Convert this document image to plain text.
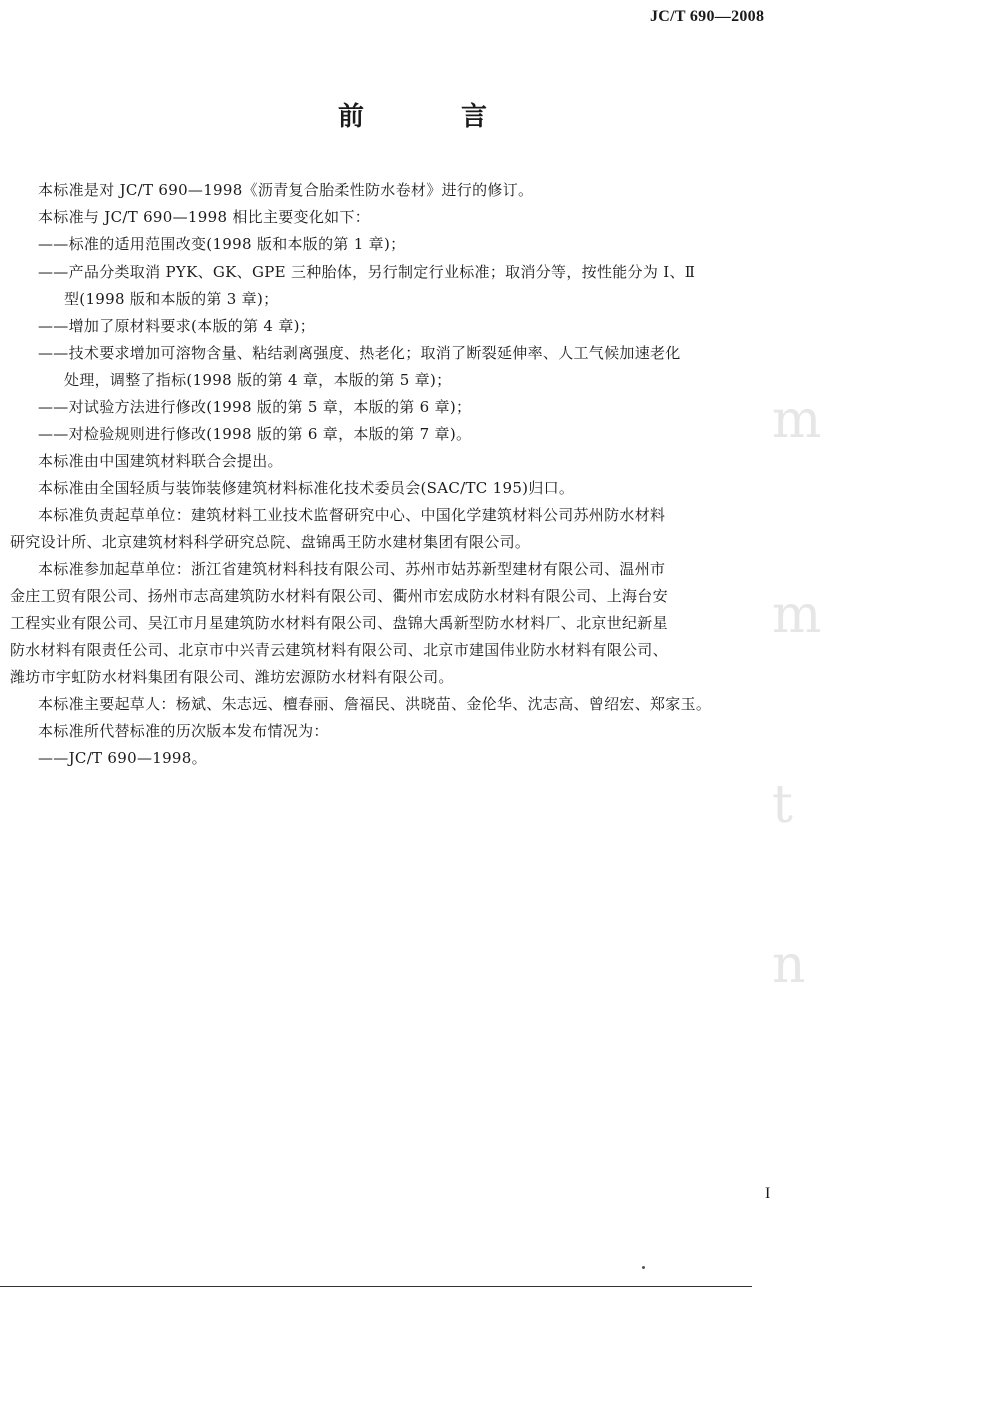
JC/T 690—2008
前 言
本标准是对 JC/T 690—1998《沥青复合胎柔性防水卷材》进行的修订。
本标准与 JC/T 690—1998 相比主要变化如下：
——标准的适用范围改变(1998 版和本版的第 1 章)；
——产品分类取消 PYK、GK、GPE 三种胎体，另行制定行业标准；取消分等，按性能分为 Ⅰ、Ⅱ
型(1998 版和本版的第 3 章)；
——增加了原材料要求(本版的第 4 章)；
——技术要求增加可溶物含量、粘结剥离强度、热老化；取消了断裂延伸率、人工气候加速老化
处理，调整了指标(1998 版的第 4 章，本版的第 5 章)；
——对试验方法进行修改(1998 版的第 5 章，本版的第 6 章)；
——对检验规则进行修改(1998 版的第 6 章，本版的第 7 章)。
本标准由中国建筑材料联合会提出。
本标准由全国轻质与装饰装修建筑材料标准化技术委员会(SAC/TC 195)归口。
本标准负责起草单位：建筑材料工业技术监督研究中心、中国化学建筑材料公司苏州防水材料
研究设计所、北京建筑材料科学研究总院、盘锦禹王防水建材集团有限公司。
本标准参加起草单位：浙江省建筑材料科技有限公司、苏州市姑苏新型建材有限公司、温州市
金庄工贸有限公司、扬州市志高建筑防水材料有限公司、衢州市宏成防水材料有限公司、上海台安
工程实业有限公司、吴江市月星建筑防水材料有限公司、盘锦大禹新型防水材料厂、北京世纪新星
防水材料有限责任公司、北京市中兴青云建筑材料有限公司、北京市建国伟业防水材料有限公司、
潍坊市宇虹防水材料集团有限公司、潍坊宏源防水材料有限公司。
本标准主要起草人：杨斌、朱志远、檀春丽、詹福民、洪晓苗、金伦华、沈志高、曾绍宏、郑家玉。
本标准所代替标准的历次版本发布情况为：
——JC/T 690—1998。
m
m
t
n
I
